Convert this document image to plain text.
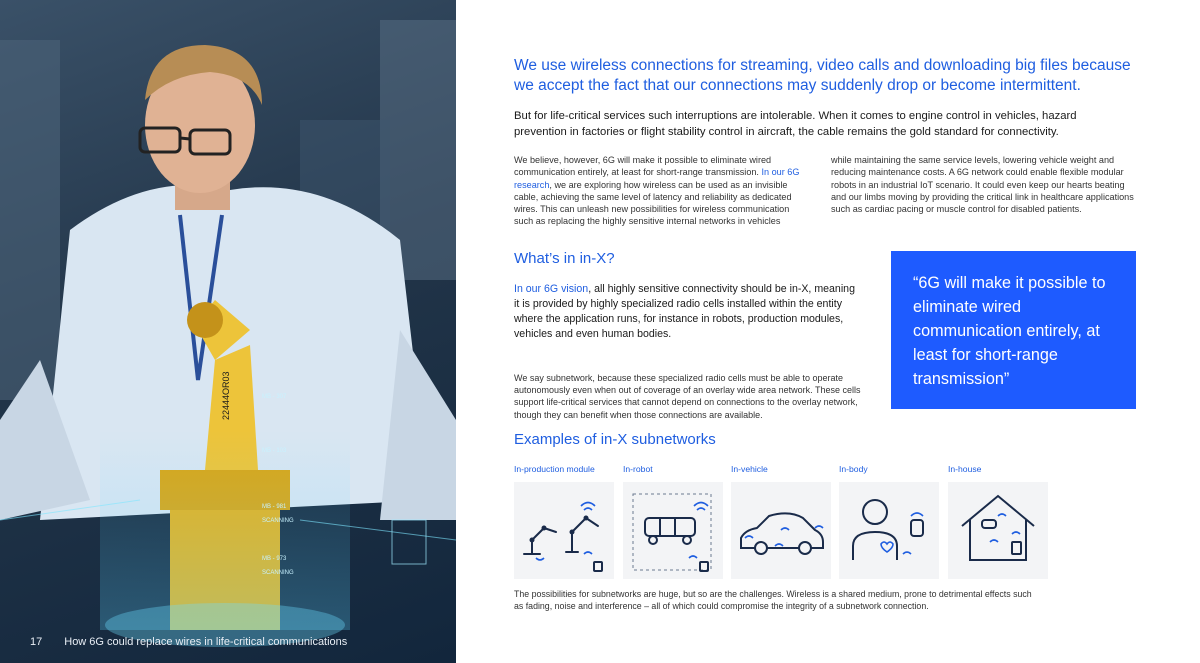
22444OR03	MB - 307
MB - 103
MB - 981
SCANNING
MB - 973
SCANNING
17 How 6G could replace wires in life-critical communications
We use wireless connections for streaming, video calls and downloading big files because we accept the fact that our connections may suddenly drop or become intermittent.
But for life-critical services such interruptions are intolerable. When it comes to engine control in vehicles, hazard prevention in factories or flight stability control in aircraft, the cable remains the gold standard for connectivity.
We believe, however, 6G will make it possible to eliminate wired communication entirely, at least for short-range transmission. In our 6G research, we are exploring how wireless can be used as an invisible cable, achieving the same level of latency and reliability as dedicated wires. This can unleash new possibilities for wireless communication such as replacing the highly sensitive internal networks in vehicles
while maintaining the same service levels, lowering vehicle weight and reducing maintenance costs. A 6G network could enable flexible modular robots in an industrial IoT scenario. It could even keep our hearts beating and our limbs moving by providing the critical link in healthcare applications such as cardiac pacing or muscle control for disabled patients.
What’s in in-X?
In our 6G vision, all highly sensitive connectivity should be in-X, meaning it is provided by highly specialized radio cells installed within the entity where the application runs, for instance in robots, production modules, vehicles and even human bodies.
We say subnetwork, because these specialized radio cells must be able to operate autonomously even when out of coverage of an overlay wide area network. These cells support life-critical services that cannot depend on connections to the overlay network, though they can benefit when those connections are available.
“6G will make it possible to eliminate wired communication entirely, at least for short-range transmission”
Examples of in-X subnetworks
In-production module	In-robot	In-vehicle	In-body	In-house
The possibilities for subnetworks are huge, but so are the challenges. Wireless is a shared medium, prone to detrimental effects such as fading, noise and interference – all of which could compromise the integrity of a subnetwork connection.
